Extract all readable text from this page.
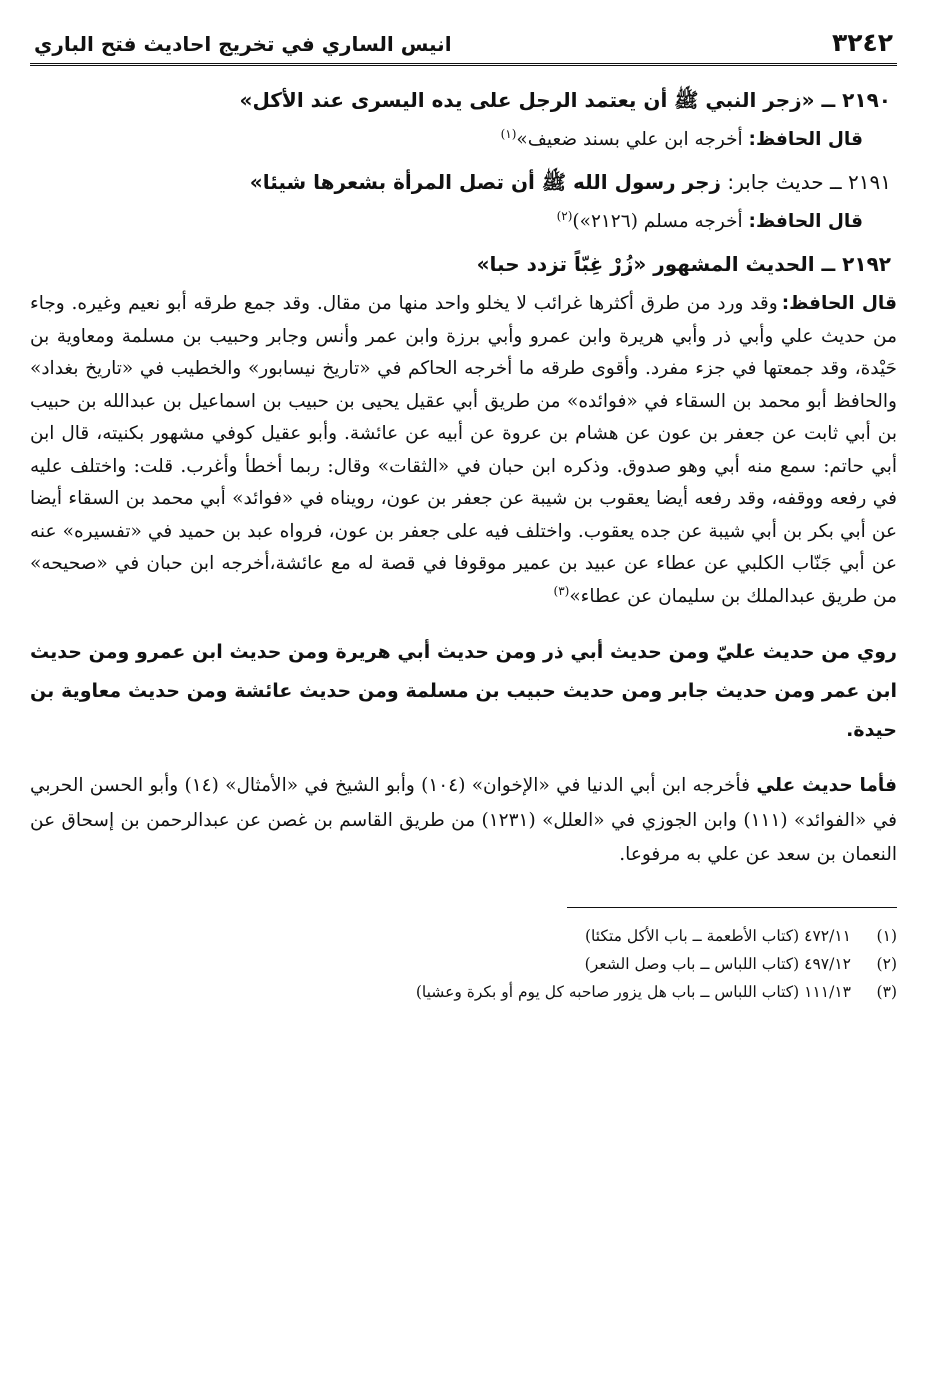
٣٢٤٢
انيس الساري في تخريج احاديث فتح الباري
٢١٩٠ ــ «زجر النبي ﷺ أن يعتمد الرجل على يده اليسرى عند الأكل»
قال الحافظ: أخرجه ابن علي بسند ضعيف»$^{(١)}$
٢١٩١ ــ حديث جابر: زجر رسول الله ﷺ أن تصل المرأة بشعرها شيئا»
قال الحافظ: أخرجه مسلم (٢١٢٦»)$^{(٢)}$
٢١٩٢ ــ الحديث المشهور «زُرْ غِبّاً تزدد حبا»

قال الحافظ:وقد ورد من طرق أكثرها غرائب لا يخلو واحد منها من مقال. وقد جمع طرقه أبو نعيم وغيره. وجاء من حديث علي وأبي ذر وأبي هريرة وابن عمرو وأبي برزة وابن عمر وأنس وجابر وحبيب بن مسلمة ومعاوية بن حَيْدة، وقد جمعتها في جزء مفرد. وأقوى طرقه ما أخرجه الحاكم في «تاريخ نيسابور» والخطيب في «تاريخ بغداد» والحافظ أبو محمد بن السقاء في «فوائده» من طريق أبي عقيل يحيى بن حبيب بن اسماعيل بن عبدالله بن حبيب بن أبي ثابت عن جعفر بن عون عن هشام بن عروة عن أبيه عن عائشة. وأبو عقيل كوفي مشهور بكنيته، قال ابن أبي حاتم: سمع منه أبي وهو صدوق. وذكره ابن حبان في «الثقات» وقال: ربما أخطأ وأغرب. قلت: واختلف عليه في رفعه ووقفه، وقد رفعه أيضا يعقوب بن شيبة عن جعفر بن عون، رويناه في «فوائد» أبي محمد بن السقاء أيضا عن أبي بكر بن أبي شيبة عن جده يعقوب. واختلف فيه على جعفر بن عون، فرواه عبد بن حميد في «تفسيره» عنه عن أبي جَنّاب الكلبي عن عطاء عن عبيد بن عمير موقوفا في قصة له مع عائشة،أخرجه ابن حبان في «صحيحه» من طريق عبدالملك بن سليمان عن عطاء»$^{(٣)}$

روي من حديث عليّ ومن حديث أبي ذر ومن حديث أبي هريرة ومن حديث ابن عمرو ومن حديث ابن عمر ومن حديث جابر ومن حديث حبيب بن مسلمة ومن حديث عائشة ومن حديث معاوية بن حيدة.

فأما حديث علي فأخرجه ابن أبي الدنيا في «الإخوان» (١٠٤) وأبو الشيخ في «الأمثال» (١٤) وأبو الحسن الحربي في «الفوائد» (١١١) وابن الجوزي في «العلل» (١٢٣١) من طريق القاسم بن غصن عن عبدالرحمن بن إسحاق عن النعمان بن سعد عن علي به مرفوعا.

(١)
٤٧٢/١١ (كتاب الأطعمة ــ باب الأكل متكئا)
(٢)
٤٩٧/١٢ (كتاب اللباس ــ باب وصل الشعر)
(٣)
١١١/١٣ (كتاب اللباس ــ باب هل يزور صاحبه كل يوم أو بكرة وعشيا)
